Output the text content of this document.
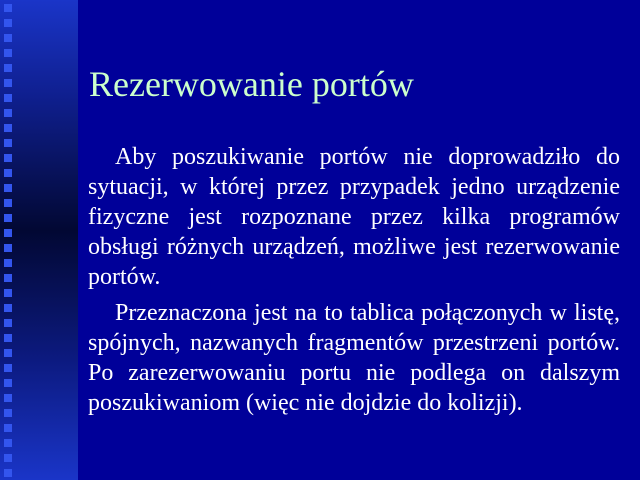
Rezerwowanie portów

Aby poszukiwanie portów nie doprowadziło do sytuacji, w której przez przypadek jedno urządzenie fizyczne jest rozpoznane przez kilka programów obsługi różnych urządzeń, możliwe jest rezerwowanie portów.

Przeznaczona jest na to tablica połączonych w listę, spójnych, nazwanych fragmentów przestrzeni portów. Po zarezerwowaniu portu nie podlega on dalszym poszukiwaniom (więc nie dojdzie do kolizji).
